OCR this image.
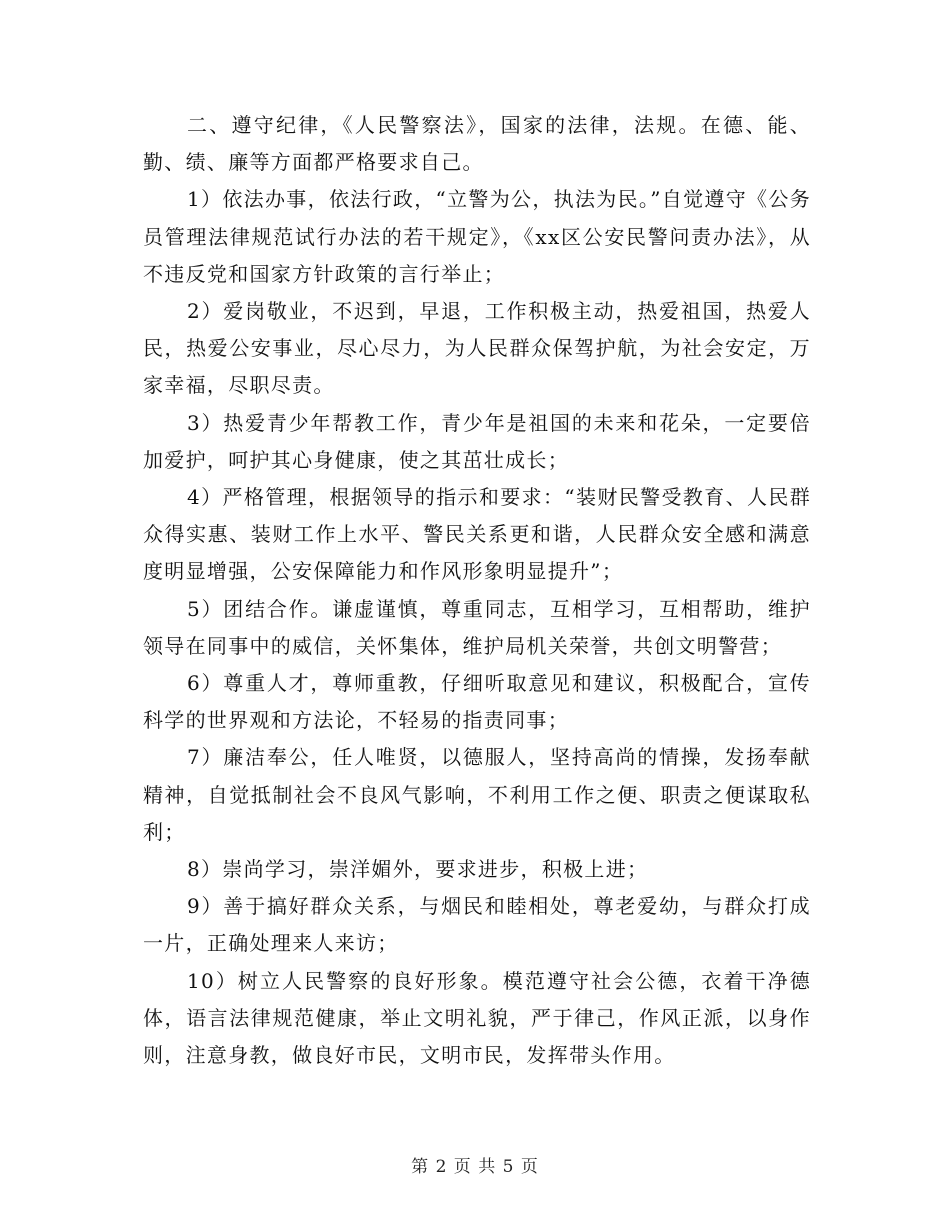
二、遵守纪律，《人民警察法》，国家的法律，法规。在德、能、勤、绩、廉等方面都严格要求自己。

1）依法办事，依法行政，“立警为公，执法为民。”自觉遵守《公务员管理法律规范试行办法的若干规定》，《xx区公安民警问责办法》，从不违反党和国家方针政策的言行举止；

2）爱岗敬业，不迟到，早退，工作积极主动，热爱祖国，热爱人民，热爱公安事业，尽心尽力，为人民群众保驾护航，为社会安定，万家幸福，尽职尽责。

3）热爱青少年帮教工作，青少年是祖国的未来和花朵，一定要倍加爱护，呵护其心身健康，使之其茁壮成长；

4）严格管理，根据领导的指示和要求：“装财民警受教育、人民群众得实惠、装财工作上水平、警民关系更和谐，人民群众安全感和满意度明显增强，公安保障能力和作风形象明显提升”；

5）团结合作。谦虚谨慎，尊重同志，互相学习，互相帮助，维护领导在同事中的威信，关怀集体，维护局机关荣誉，共创文明警营；

6）尊重人才，尊师重教，仔细听取意见和建议，积极配合，宣传科学的世界观和方法论，不轻易的指责同事；

7）廉洁奉公，任人唯贤，以德服人，坚持高尚的情操，发扬奉献精神，自觉抵制社会不良风气影响，不利用工作之便、职责之便谋取私利；

8）崇尚学习，崇洋媚外，要求进步，积极上进；

9）善于搞好群众关系，与烟民和睦相处，尊老爱幼，与群众打成一片，正确处理来人来访；

10）树立人民警察的良好形象。模范遵守社会公德，衣着干净德体，语言法律规范健康，举止文明礼貌，严于律己，作风正派，以身作则，注意身教，做良好市民，文明市民，发挥带头作用。

第 2 页 共 5 页
